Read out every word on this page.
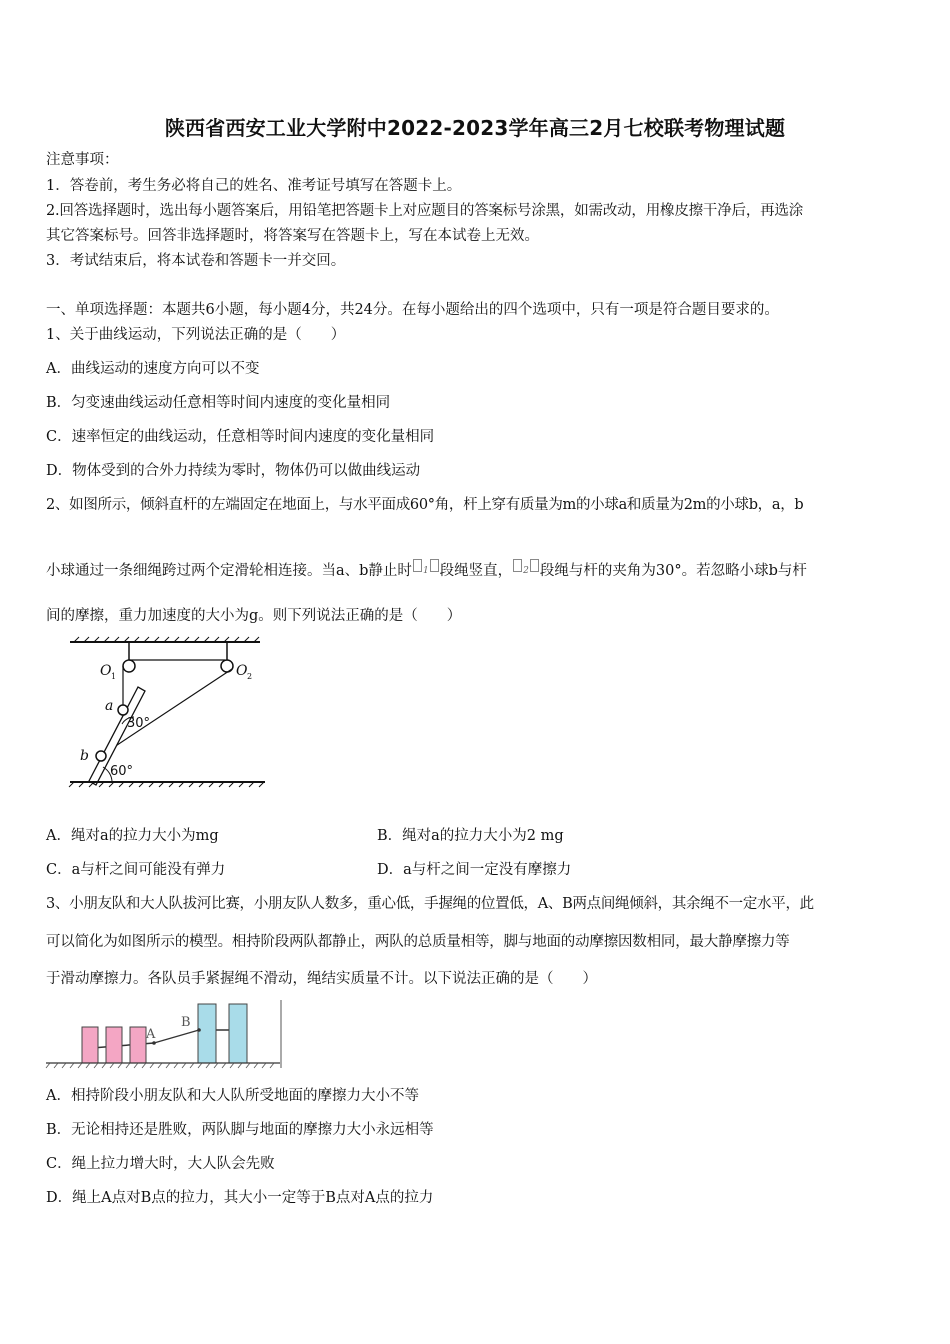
陕西省西安工业大学附中2022-2023学年高三2月七校联考物理试题
注意事项：
1．答卷前，考生务必将自己的姓名、准考证号填写在答题卡上。
2.回答选择题时，选出每小题答案后，用铅笔把答题卡上对应题目的答案标号涂黑，如需改动，用橡皮擦干净后，再选涂
其它答案标号。回答非选择题时，将答案写在答题卡上，写在本试卷上无效。
3．考试结束后，将本试卷和答题卡一并交回。
一、单项选择题：本题共6小题，每小题4分，共24分。在每小题给出的四个选项中，只有一项是符合题目要求的。
1、关于曲线运动，下列说法正确的是（　　）
A．曲线运动的速度方向可以不变
B．匀变速曲线运动任意相等时间内速度的变化量相同
C．速率恒定的曲线运动，任意相等时间内速度的变化量相同
D．物体受到的合外力持续为零时，物体仍可以做曲线运动
2、如图所示，倾斜直杆的左端固定在地面上，与水平面成60°角，杆上穿有质量为m的小球a和质量为2m的小球b，a，b
小球通过一条细绳跨过两个定滑轮相连接。当a、b静止时 $^1$ 段绳竖直， $^2$ 段绳与杆的夹角为30°。若忽略小球b与杆
间的摩擦，重力加速度的大小为g。则下列说法正确的是（　　）
O 1	O 2
a
b
30°
60°
A．绳对a的拉力大小为mg	B．绳对a的拉力大小为2 mg
C．a与杆之间可能没有弹力	D．a与杆之间一定没有摩擦力
3、小朋友队和大人队拔河比赛，小朋友队人数多，重心低，手握绳的位置低，A、B两点间绳倾斜，其余绳不一定水平，此
可以简化为如图所示的模型。相持阶段两队都静止，两队的总质量相等，脚与地面的动摩擦因数相同，最大静摩擦力等
于滑动摩擦力。各队员手紧握绳不滑动，绳结实质量不计。以下说法正确的是（　　）
A
B
A．相持阶段小朋友队和大人队所受地面的摩擦力大小不等
B．无论相持还是胜败，两队脚与地面的摩擦力大小永远相等
C．绳上拉力增大时，大人队会先败
D．绳上A点对B点的拉力，其大小一定等于B点对A点的拉力
